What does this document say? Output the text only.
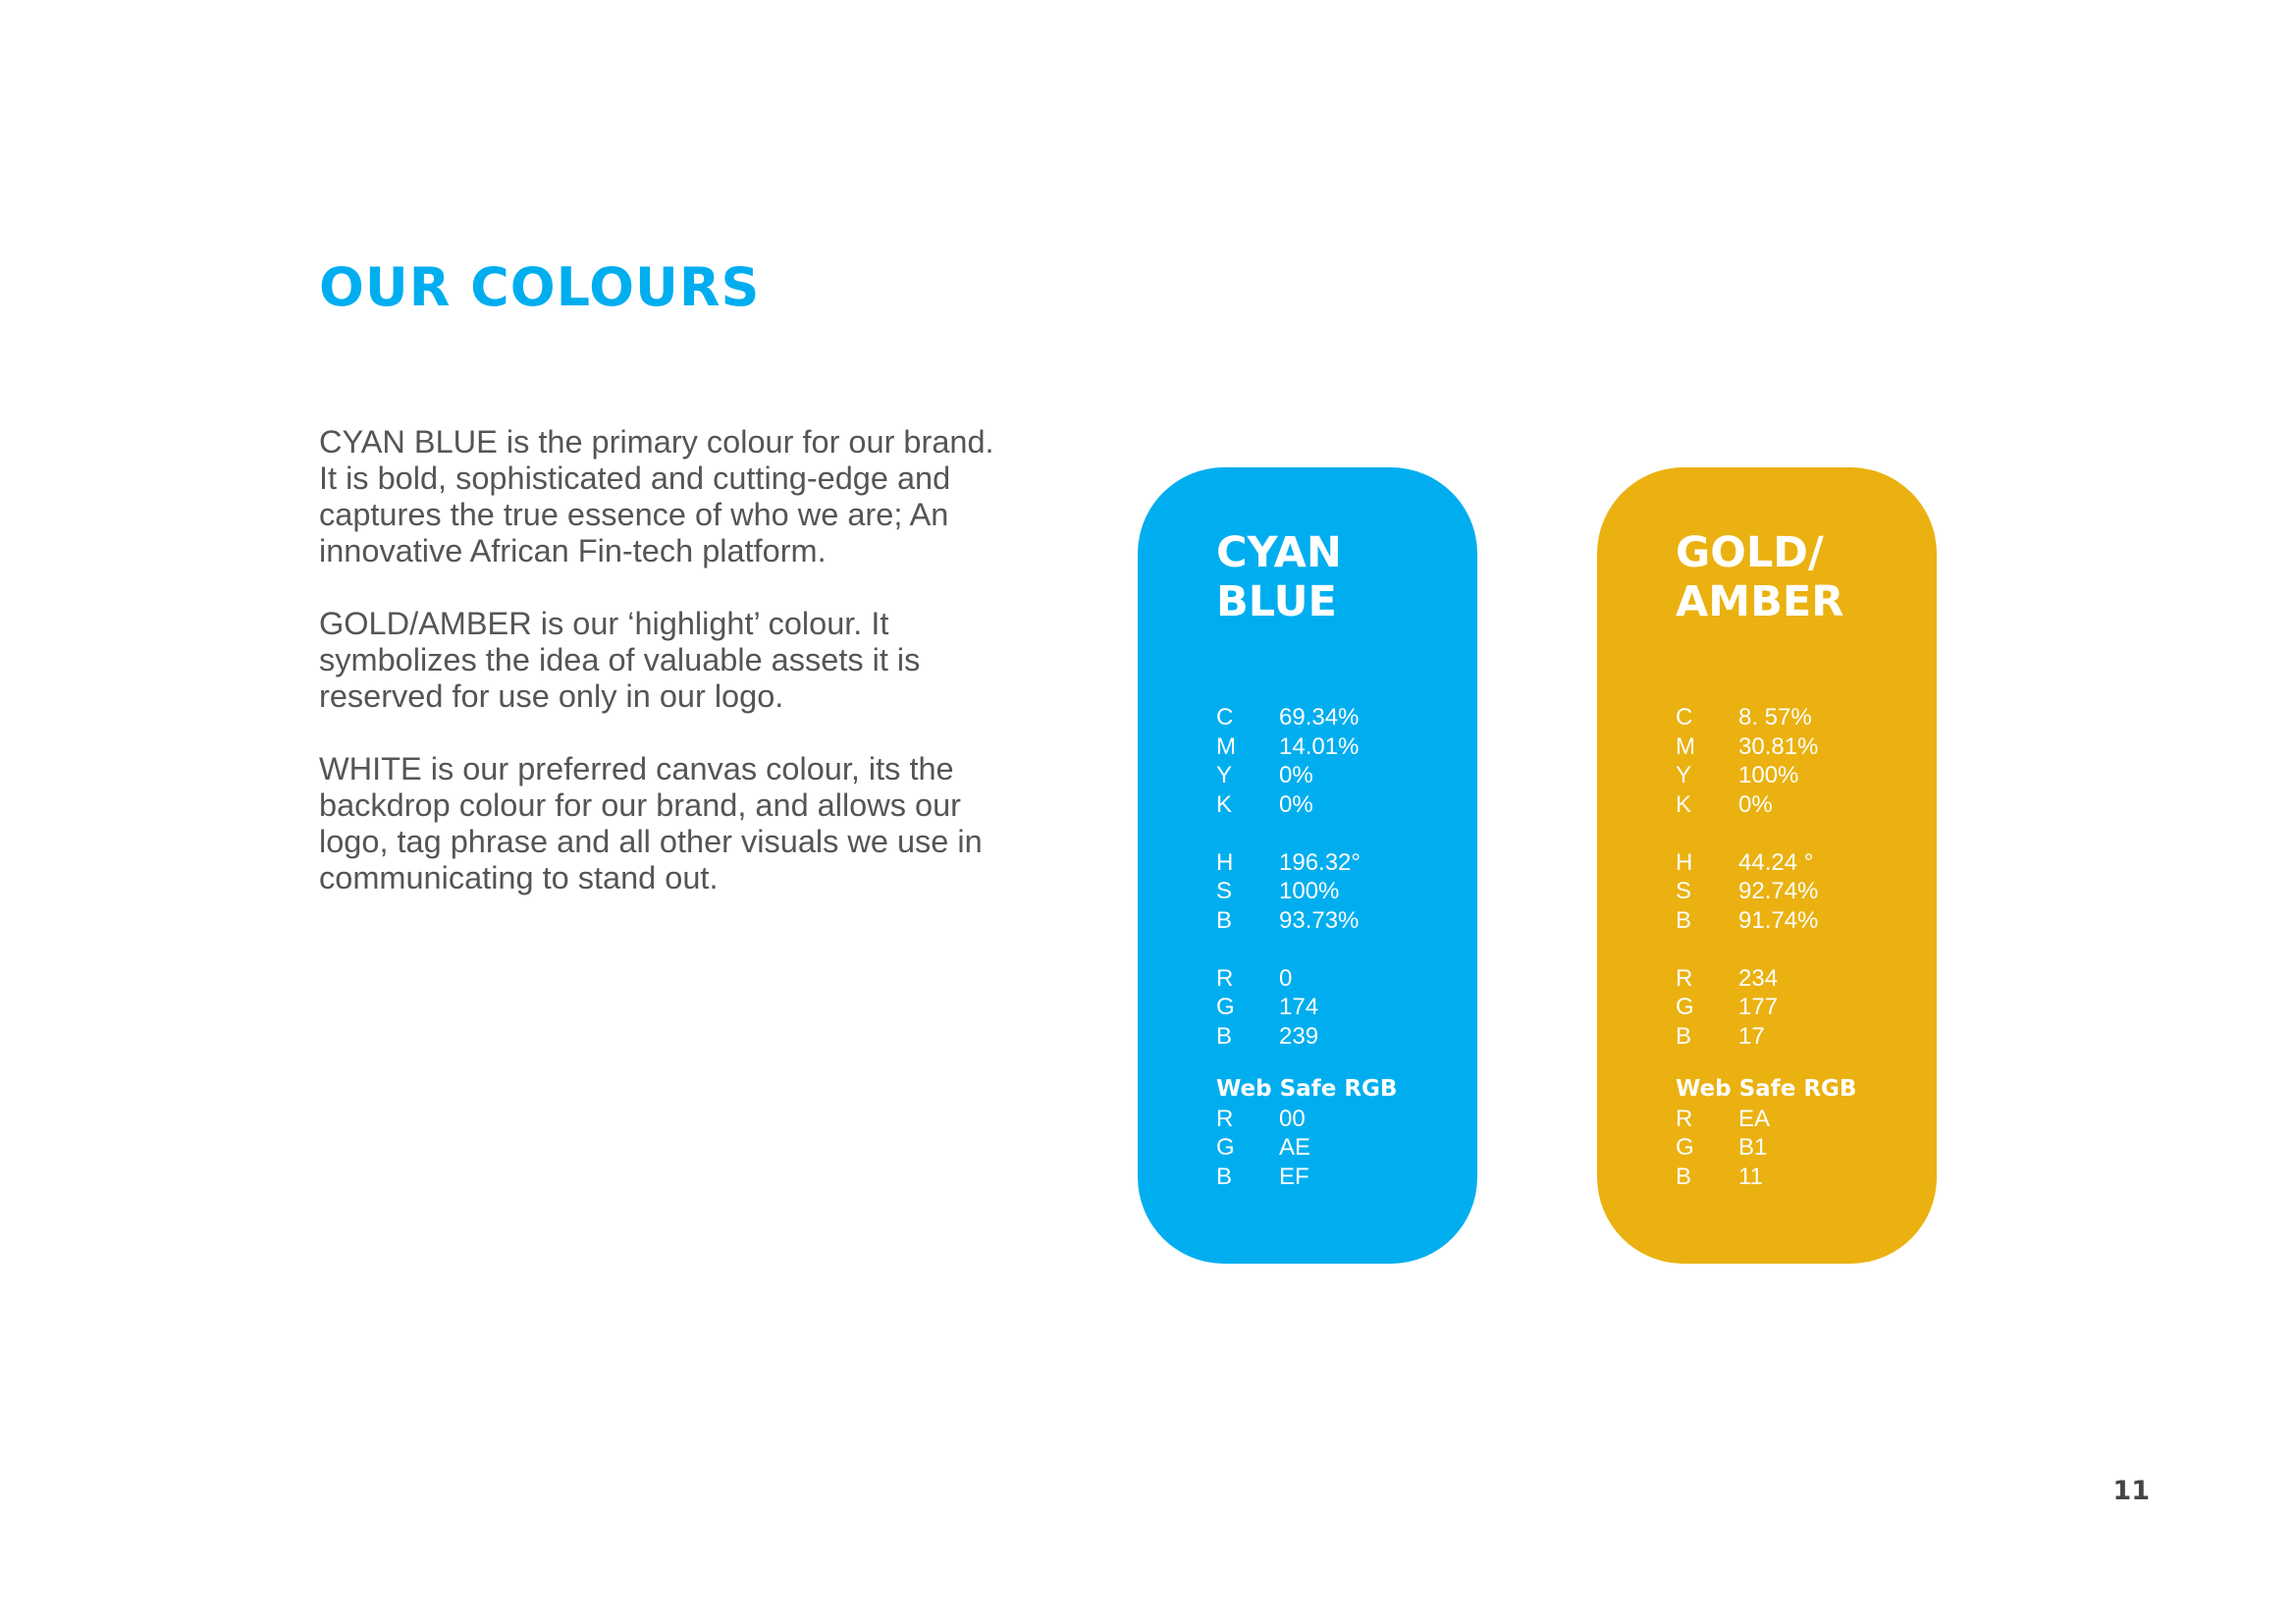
OUR COLOURS

CYAN BLUE is the primary colour for our brand. It is bold, sophisticated and cutting-edge and captures the true essence of who we are; An innovative African Fin-tech platform.

GOLD/AMBER is our ‘highlight’ colour. It symbolizes the idea of valuable assets it is reserved for use only in our logo.

WHITE is our preferred canvas colour, its the backdrop colour for our brand, and allows our logo, tag phrase and all other visuals we use in communicating to stand out.

CYAN
BLUE
C	69.34%
M	14.01%
Y	0%
K	0%
H	196.32°
S	100%
B	93.73%
R	0
G	174
B	239
Web Safe RGB
R	00
G	AE
B	EF
GOLD/
AMBER
C	8. 57%
M	30.81%
Y	100%
K	0%
H	44.24 °
S	92.74%
B	91.74%
R	234
G	177
B	17
Web Safe RGB
R	EA
G	B1
B	11
11
